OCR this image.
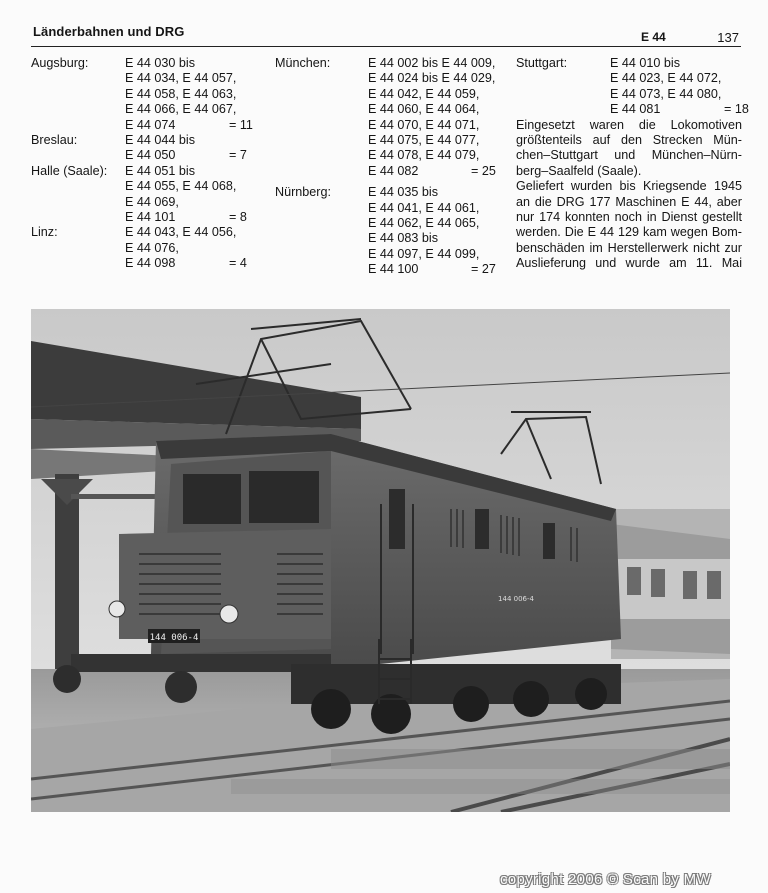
Länderbahnen und DRG	E 44	137
Augsburg:	E 44 030 bis
E 44 034, E 44 057,
E 44 058, E 44 063,
E 44 066, E 44 067,
E 44 074	= 11
Breslau:	E 44 044 bis
E 44 050	= 7
Halle (Saale): E 44 051 bis
E 44 055, E 44 068,
E 44 069,
E 44 101	= 8
Linz:	E 44 043, E 44 056,
E 44 076,
E 44 098	= 4
München:	E 44 002 bis E 44 009,
E 44 024 bis E 44 029,
E 44 042, E 44 059,
E 44 060, E 44 064,
E 44 070, E 44 071,
E 44 075, E 44 077,
E 44 078, E 44 079,
E 44 082	= 25
Nürnberg:	E 44 035 bis
E 44 041, E 44 061,
E 44 062, E 44 065,
E 44 083 bis
E 44 097, E 44 099,
E 44 100	= 27
Stuttgart:	E 44 010 bis
E 44 023, E 44 072,
E 44 073, E 44 080,
E 44 081	= 18
Eingesetzt waren die Lokomotiven
größtenteils auf den Strecken Mün-
chen–Stuttgart und München–Nürn-
berg–Saalfeld (Saale).
Geliefert wurden bis Kriegsende 1945
an die DRG 177 Maschinen E 44, aber
nur 174 konnten noch in Dienst gestellt
werden. Die E 44 129 kam wegen Bom-
benschäden im Herstellerwerk nicht zur
Auslieferung und wurde am 11. Mai
144 006-4
144 006-4
copyright 2006 © Scan by MW
